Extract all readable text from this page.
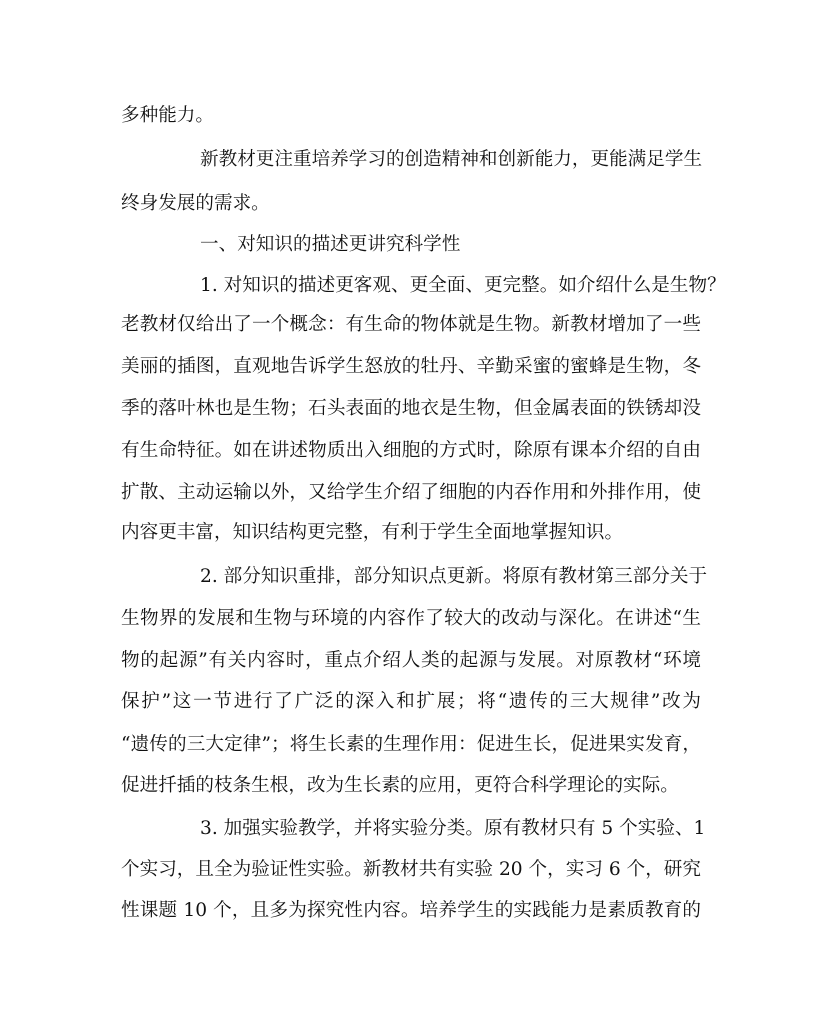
多种能力。
新教材更注重培养学习的创造精神和创新能力，更能满足学生
终身发展的需求。
一、对知识的描述更讲究科学性
1. 对知识的描述更客观、更全面、更完整。如介绍什么是生物？
老教材仅给出了一个概念：有生命的物体就是生物。新教材增加了一些
美丽的插图，直观地告诉学生怒放的牡丹、辛勤采蜜的蜜蜂是生物，冬
季的落叶林也是生物；石头表面的地衣是生物，但金属表面的铁锈却没
有生命特征。如在讲述物质出入细胞的方式时，除原有课本介绍的自由
扩散、主动运输以外，又给学生介绍了细胞的内吞作用和外排作用，使
内容更丰富，知识结构更完整，有利于学生全面地掌握知识。
2. 部分知识重排，部分知识点更新。将原有教材第三部分关于
生物界的发展和生物与环境的内容作了较大的改动与深化。在讲述“生
物的起源”有关内容时，重点介绍人类的起源与发展。对原教材“环境
保护”这一节进行了广泛的深入和扩展；将“遗传的三大规律”改为
“遗传的三大定律”；将生长素的生理作用：促进生长，促进果实发育，
促进扦插的枝条生根，改为生长素的应用，更符合科学理论的实际。
3. 加强实验教学，并将实验分类。原有教材只有 5 个实验、1
个实习，且全为验证性实验。新教材共有实验 20 个，实习 6 个，研究
性课题 10 个，且多为探究性内容。培养学生的实践能力是素质教育的
